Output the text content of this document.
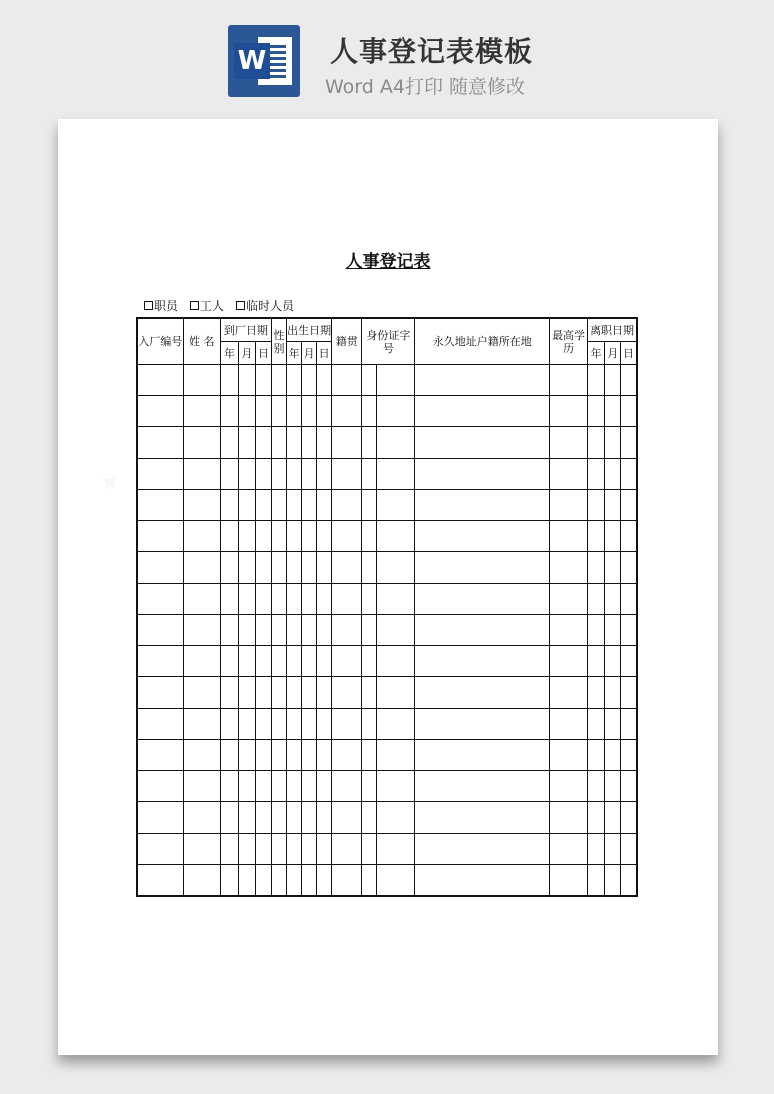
W 人事登记表模板
Word A4打印 随意修改
✦
人事登记表
职员 工人 临时人员
入厂编号	姓 名	到厂日期			性别	出生日期			籍贯	身份证字号		永久地址户籍所在地	最高学历	离职日期		
		年	月	日		年	月	日						年	月	日
